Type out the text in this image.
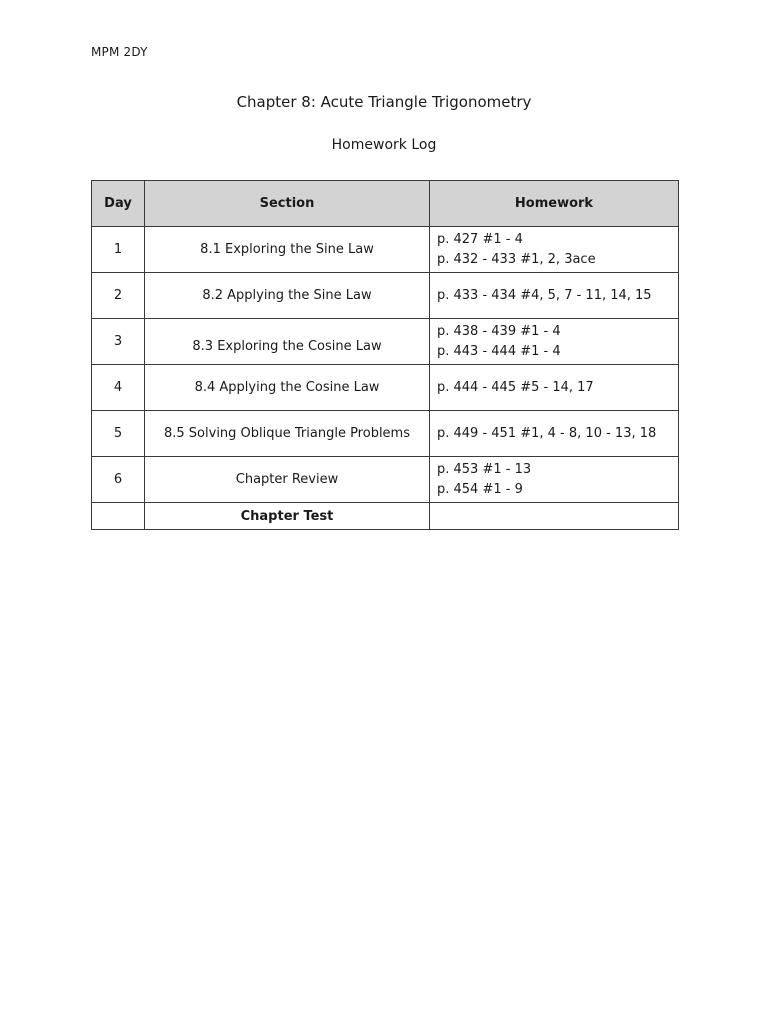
MPM 2DY
Chapter 8: Acute Triangle Trigonometry
Homework Log
Day	Section	Homework
1	8.1 Exploring the Sine Law	p. 427 #1 - 4
p. 432 - 433 #1, 2, 3ace

2	8.2 Applying the Sine Law	p. 433 - 434 #4, 5, 7 - 11, 14, 15

3	8.3 Exploring the Cosine Law	p. 438 - 439 #1 - 4
p. 443 - 444 #1 - 4

4	8.4 Applying the Cosine Law	p. 444 - 445 #5 - 14, 17

5	8.5 Solving Oblique Triangle Problems	p. 449 - 451 #1, 4 - 8, 10 - 13, 18

6	Chapter Review	p. 453 #1 - 13
p. 454 #1 - 9

	Chapter Test	
